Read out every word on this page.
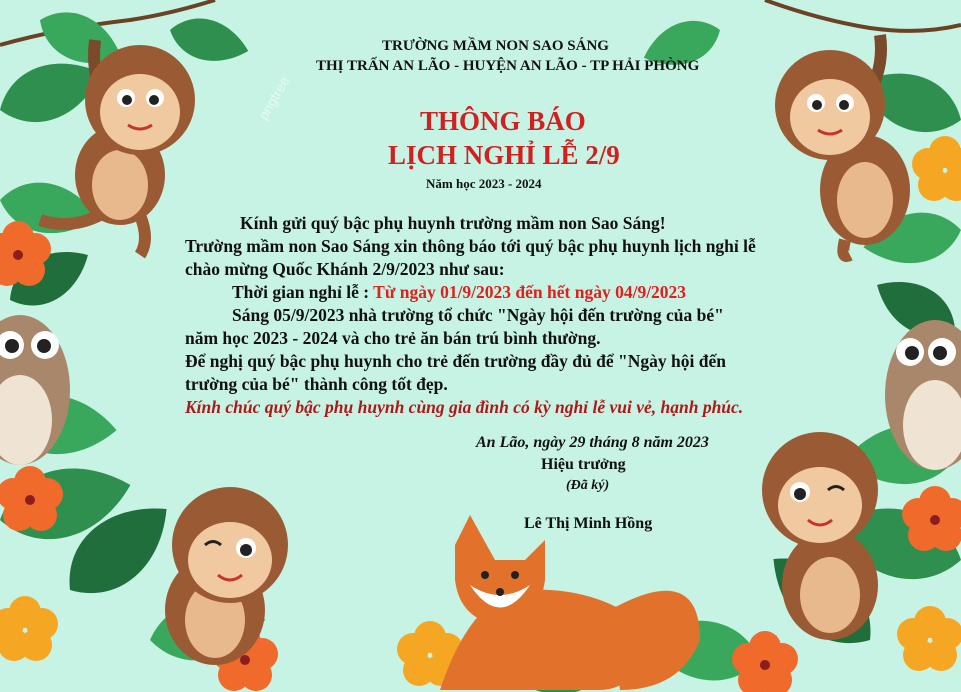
TRƯỜNG MẦM NON SAO SÁNG
THỊ TRẤN AN LÃO - HUYỆN AN LÃO - TP HẢI PHÒNG
THÔNG BÁO
LỊCH NGHỈ LỄ 2/9
Năm học 2023 - 2024
Kính gửi quý bậc phụ huynh trường mầm non Sao Sáng!
Trường mầm non Sao Sáng xin thông báo tới quý bậc phụ huynh lịch nghỉ lễ
chào mừng Quốc Khánh 2/9/2023 như sau:
Thời gian nghỉ lễ : Từ ngày 01/9/2023 đến hết ngày 04/9/2023
Sáng 05/9/2023 nhà trường tổ chức "Ngày hội đến trường của bé"
năm học 2023 - 2024 và cho trẻ ăn bán trú bình thường.
Để nghị quý bậc phụ huynh cho trẻ đến trường đầy đủ để "Ngày hội đến
trường của bé" thành công tốt đẹp.
Kính chúc quý bậc phụ huynh cùng gia đình có kỳ nghỉ lễ vui vẻ, hạnh phúc.
An Lão, ngày 29 tháng 8 năm 2023
Hiệu trưởng
(Đã ký)
Lê Thị Minh Hồng
pngtree
